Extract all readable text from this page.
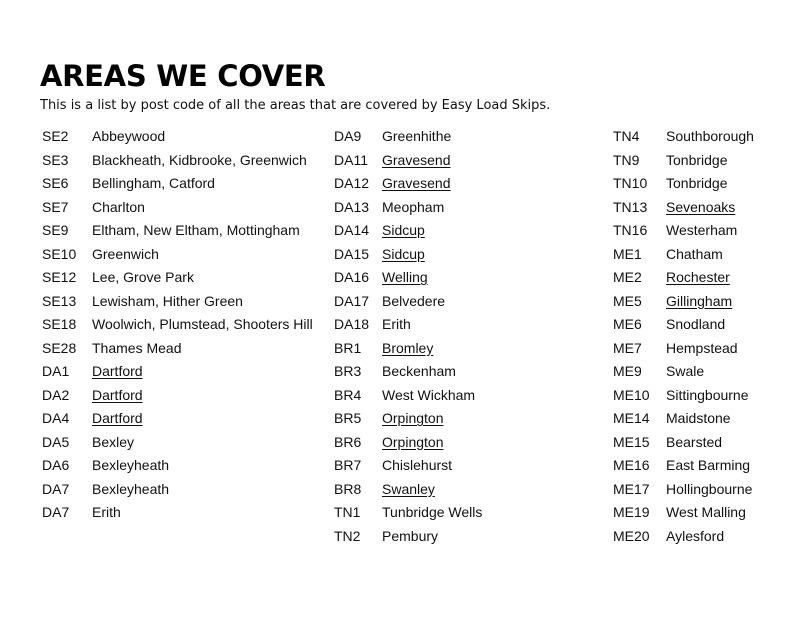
AREAS WE COVER

This is a list by post code of all the areas that are covered by Easy Load Skips.

SE2	Abbeywood
SE3	Blackheath, Kidbrooke, Greenwich
SE6	Bellingham, Catford
SE7	Charlton
SE9	Eltham, New Eltham, Mottingham
SE10	Greenwich
SE12	Lee, Grove Park
SE13	Lewisham, Hither Green
SE18	Woolwich, Plumstead, Shooters Hill
SE28	Thames Mead
DA1	Dartford
DA2	Dartford
DA4	Dartford
DA5	Bexley
DA6	Bexleyheath
DA7	Bexleyheath
DA7	Erith
DA9	Greenhithe
DA11	Gravesend
DA12 Gravesend
DA13 Meopham
DA14 Sidcup
DA15 Sidcup
DA16 Welling
DA17 Belvedere
DA18 Erith
BR1	Bromley
BR3	Beckenham
BR4	West Wickham
BR5	Orpington
BR6	Orpington
BR7	Chislehurst
BR8	Swanley
TN1	Tunbridge Wells
TN2	Pembury
TN4	Southborough
TN9	Tonbridge
TN10	Tonbridge
TN13	Sevenoaks
TN16	Westerham
ME1	Chatham
ME2	Rochester
ME5	Gillingham
ME6	Snodland
ME7	Hempstead
ME9	Swale
ME10	Sittingbourne
ME14	Maidstone
ME15	Bearsted
ME16	East Barming
ME17	Hollingbourne
ME19	West Malling
ME20	Aylesford
